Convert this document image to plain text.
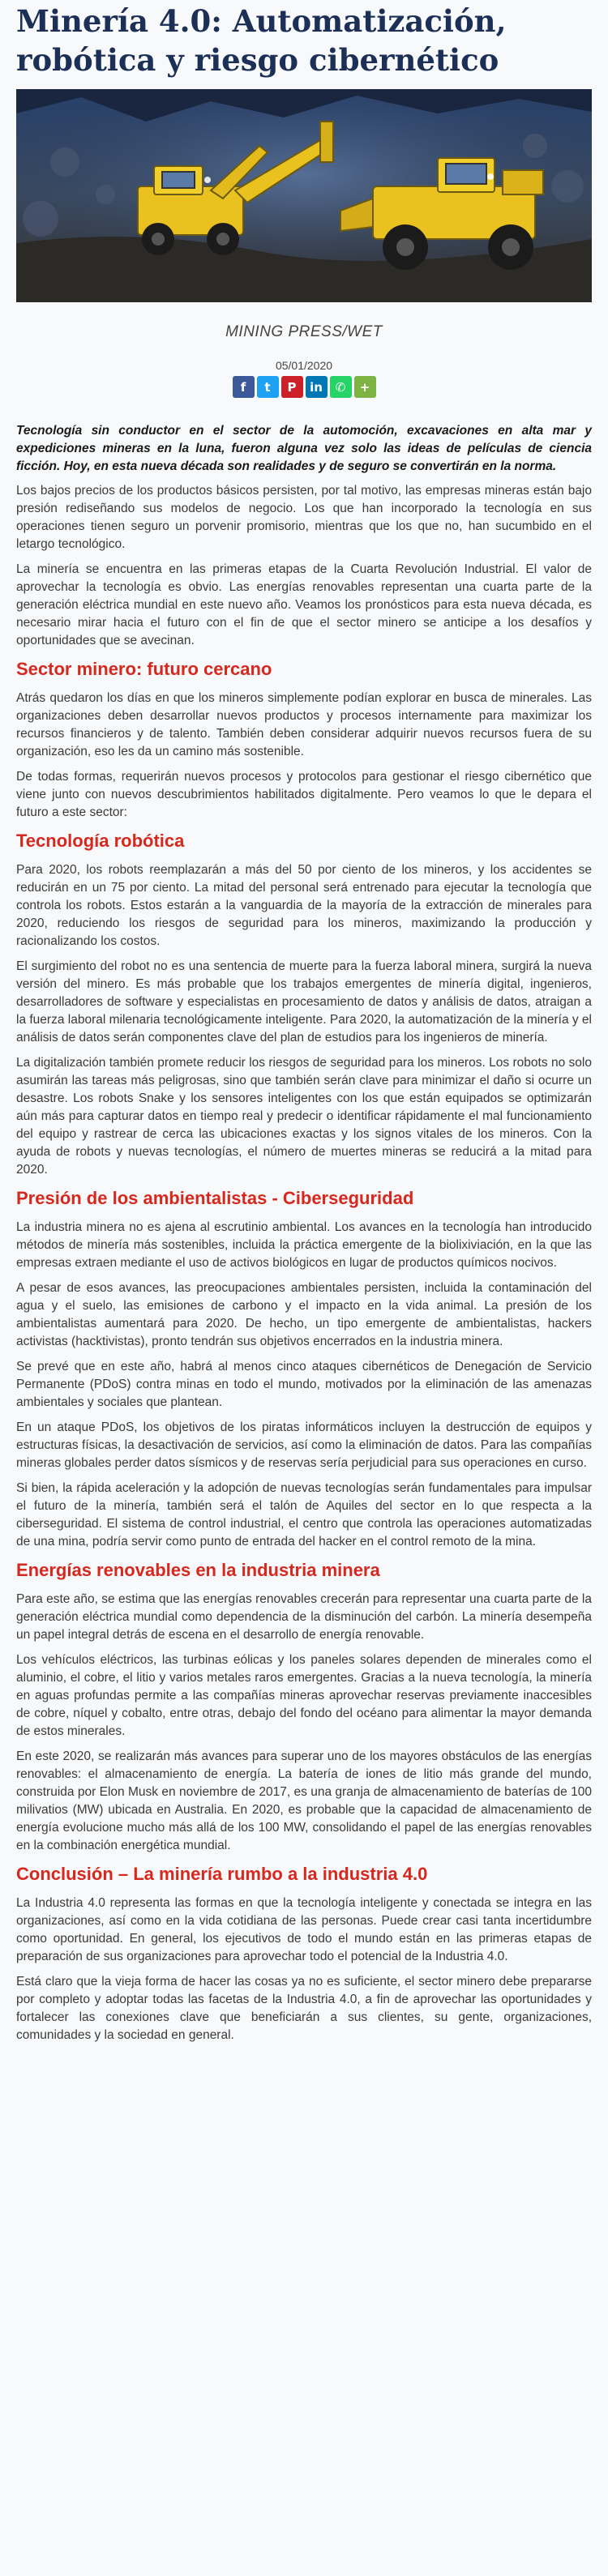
Minería 4.0: Automatización, robótica y riesgo cibernético
MINING PRESS/WET
05/01/2020
f	t	P	in	✆	+

Tecnología sin conductor en el sector de la automoción, excavaciones en alta mar y expediciones mineras en la luna, fueron alguna vez solo las ideas de películas de ciencia ficción. Hoy, en esta nueva década son realidades y de seguro se convertirán en la norma.

Los bajos precios de los productos básicos persisten, por tal motivo, las empresas mineras están bajo presión rediseñando sus modelos de negocio. Los que han incorporado la tecnología en sus operaciones tienen seguro un porvenir promisorio, mientras que los que no, han sucumbido en el letargo tecnológico.

La minería se encuentra en las primeras etapas de la Cuarta Revolución Industrial. El valor de aprovechar la tecnología es obvio. Las energías renovables representan una cuarta parte de la generación eléctrica mundial en este nuevo año. Veamos los pronósticos para esta nueva década, es necesario mirar hacia el futuro con el fin de que el sector minero se anticipe a los desafíos y oportunidades que se avecinan.

Sector minero: futuro cercano

Atrás quedaron los días en que los mineros simplemente podían explorar en busca de minerales. Las organizaciones deben desarrollar nuevos productos y procesos internamente para maximizar los recursos financieros y de talento. También deben considerar adquirir nuevos recursos fuera de su organización, eso les da un camino más sostenible.

De todas formas, requerirán nuevos procesos y protocolos para gestionar el riesgo cibernético que viene junto con nuevos descubrimientos habilitados digitalmente. Pero veamos lo que le depara el futuro a este sector:

Tecnología robótica

Para 2020, los robots reemplazarán a más del 50 por ciento de los mineros, y los accidentes se reducirán en un 75 por ciento. La mitad del personal será entrenado para ejecutar la tecnología que controla los robots. Estos estarán a la vanguardia de la mayoría de la extracción de minerales para 2020, reduciendo los riesgos de seguridad para los mineros, maximizando la producción y racionalizando los costos.

El surgimiento del robot no es una sentencia de muerte para la fuerza laboral minera, surgirá la nueva versión del minero. Es más probable que los trabajos emergentes de minería digital, ingenieros, desarrolladores de software y especialistas en procesamiento de datos y análisis de datos, atraigan a la fuerza laboral milenaria tecnológicamente inteligente. Para 2020, la automatización de la minería y el análisis de datos serán componentes clave del plan de estudios para los ingenieros de minería.

La digitalización también promete reducir los riesgos de seguridad para los mineros. Los robots no solo asumirán las tareas más peligrosas, sino que también serán clave para minimizar el daño si ocurre un desastre. Los robots Snake y los sensores inteligentes con los que están equipados se optimizarán aún más para capturar datos en tiempo real y predecir o identificar rápidamente el mal funcionamiento del equipo y rastrear de cerca las ubicaciones exactas y los signos vitales de los mineros. Con la ayuda de robots y nuevas tecnologías, el número de muertes mineras se reducirá a la mitad para 2020.

Presión de los ambientalistas - Ciberseguridad

La industria minera no es ajena al escrutinio ambiental. Los avances en la tecnología han introducido métodos de minería más sostenibles, incluida la práctica emergente de la biolixiviación, en la que las empresas extraen mediante el uso de activos biológicos en lugar de productos químicos nocivos.

A pesar de esos avances, las preocupaciones ambientales persisten, incluida la contaminación del agua y el suelo, las emisiones de carbono y el impacto en la vida animal. La presión de los ambientalistas aumentará para 2020. De hecho, un tipo emergente de ambientalistas, hackers activistas (hacktivistas), pronto tendrán sus objetivos encerrados en la industria minera.

Se prevé que en este año, habrá al menos cinco ataques cibernéticos de Denegación de Servicio Permanente (PDoS) contra minas en todo el mundo, motivados por la eliminación de las amenazas ambientales y sociales que plantean.

En un ataque PDoS, los objetivos de los piratas informáticos incluyen la destrucción de equipos y estructuras físicas, la desactivación de servicios, así como la eliminación de datos. Para las compañías mineras globales perder datos sísmicos y de reservas sería perjudicial para sus operaciones en curso.

Si bien, la rápida aceleración y la adopción de nuevas tecnologías serán fundamentales para impulsar el futuro de la minería, también será el talón de Aquiles del sector en lo que respecta a la ciberseguridad. El sistema de control industrial, el centro que controla las operaciones automatizadas de una mina, podría servir como punto de entrada del hacker en el control remoto de la mina.

Energías renovables en la industria minera

Para este año, se estima que las energías renovables crecerán para representar una cuarta parte de la generación eléctrica mundial como dependencia de la disminución del carbón. La minería desempeña un papel integral detrás de escena en el desarrollo de energía renovable.

Los vehículos eléctricos, las turbinas eólicas y los paneles solares dependen de minerales como el aluminio, el cobre, el litio y varios metales raros emergentes. Gracias a la nueva tecnología, la minería en aguas profundas permite a las compañías mineras aprovechar reservas previamente inaccesibles de cobre, níquel y cobalto, entre otras, debajo del fondo del océano para alimentar la mayor demanda de estos minerales.

En este 2020, se realizarán más avances para superar uno de los mayores obstáculos de las energías renovables: el almacenamiento de energía. La batería de iones de litio más grande del mundo, construida por Elon Musk en noviembre de 2017, es una granja de almacenamiento de baterías de 100 milivatios (MW) ubicada en Australia. En 2020, es probable que la capacidad de almacenamiento de energía evolucione mucho más allá de los 100 MW, consolidando el papel de las energías renovables en la combinación energética mundial.

Conclusión – La minería rumbo a la industria 4.0

La Industria 4.0 representa las formas en que la tecnología inteligente y conectada se integra en las organizaciones, así como en la vida cotidiana de las personas. Puede crear casi tanta incertidumbre como oportunidad. En general, los ejecutivos de todo el mundo están en las primeras etapas de preparación de sus organizaciones para aprovechar todo el potencial de la Industria 4.0.

Está claro que la vieja forma de hacer las cosas ya no es suficiente, el sector minero debe prepararse por completo y adoptar todas las facetas de la Industria 4.0, a fin de aprovechar las oportunidades y fortalecer las conexiones clave que beneficiarán a sus clientes, su gente, organizaciones, comunidades y la sociedad en general.
